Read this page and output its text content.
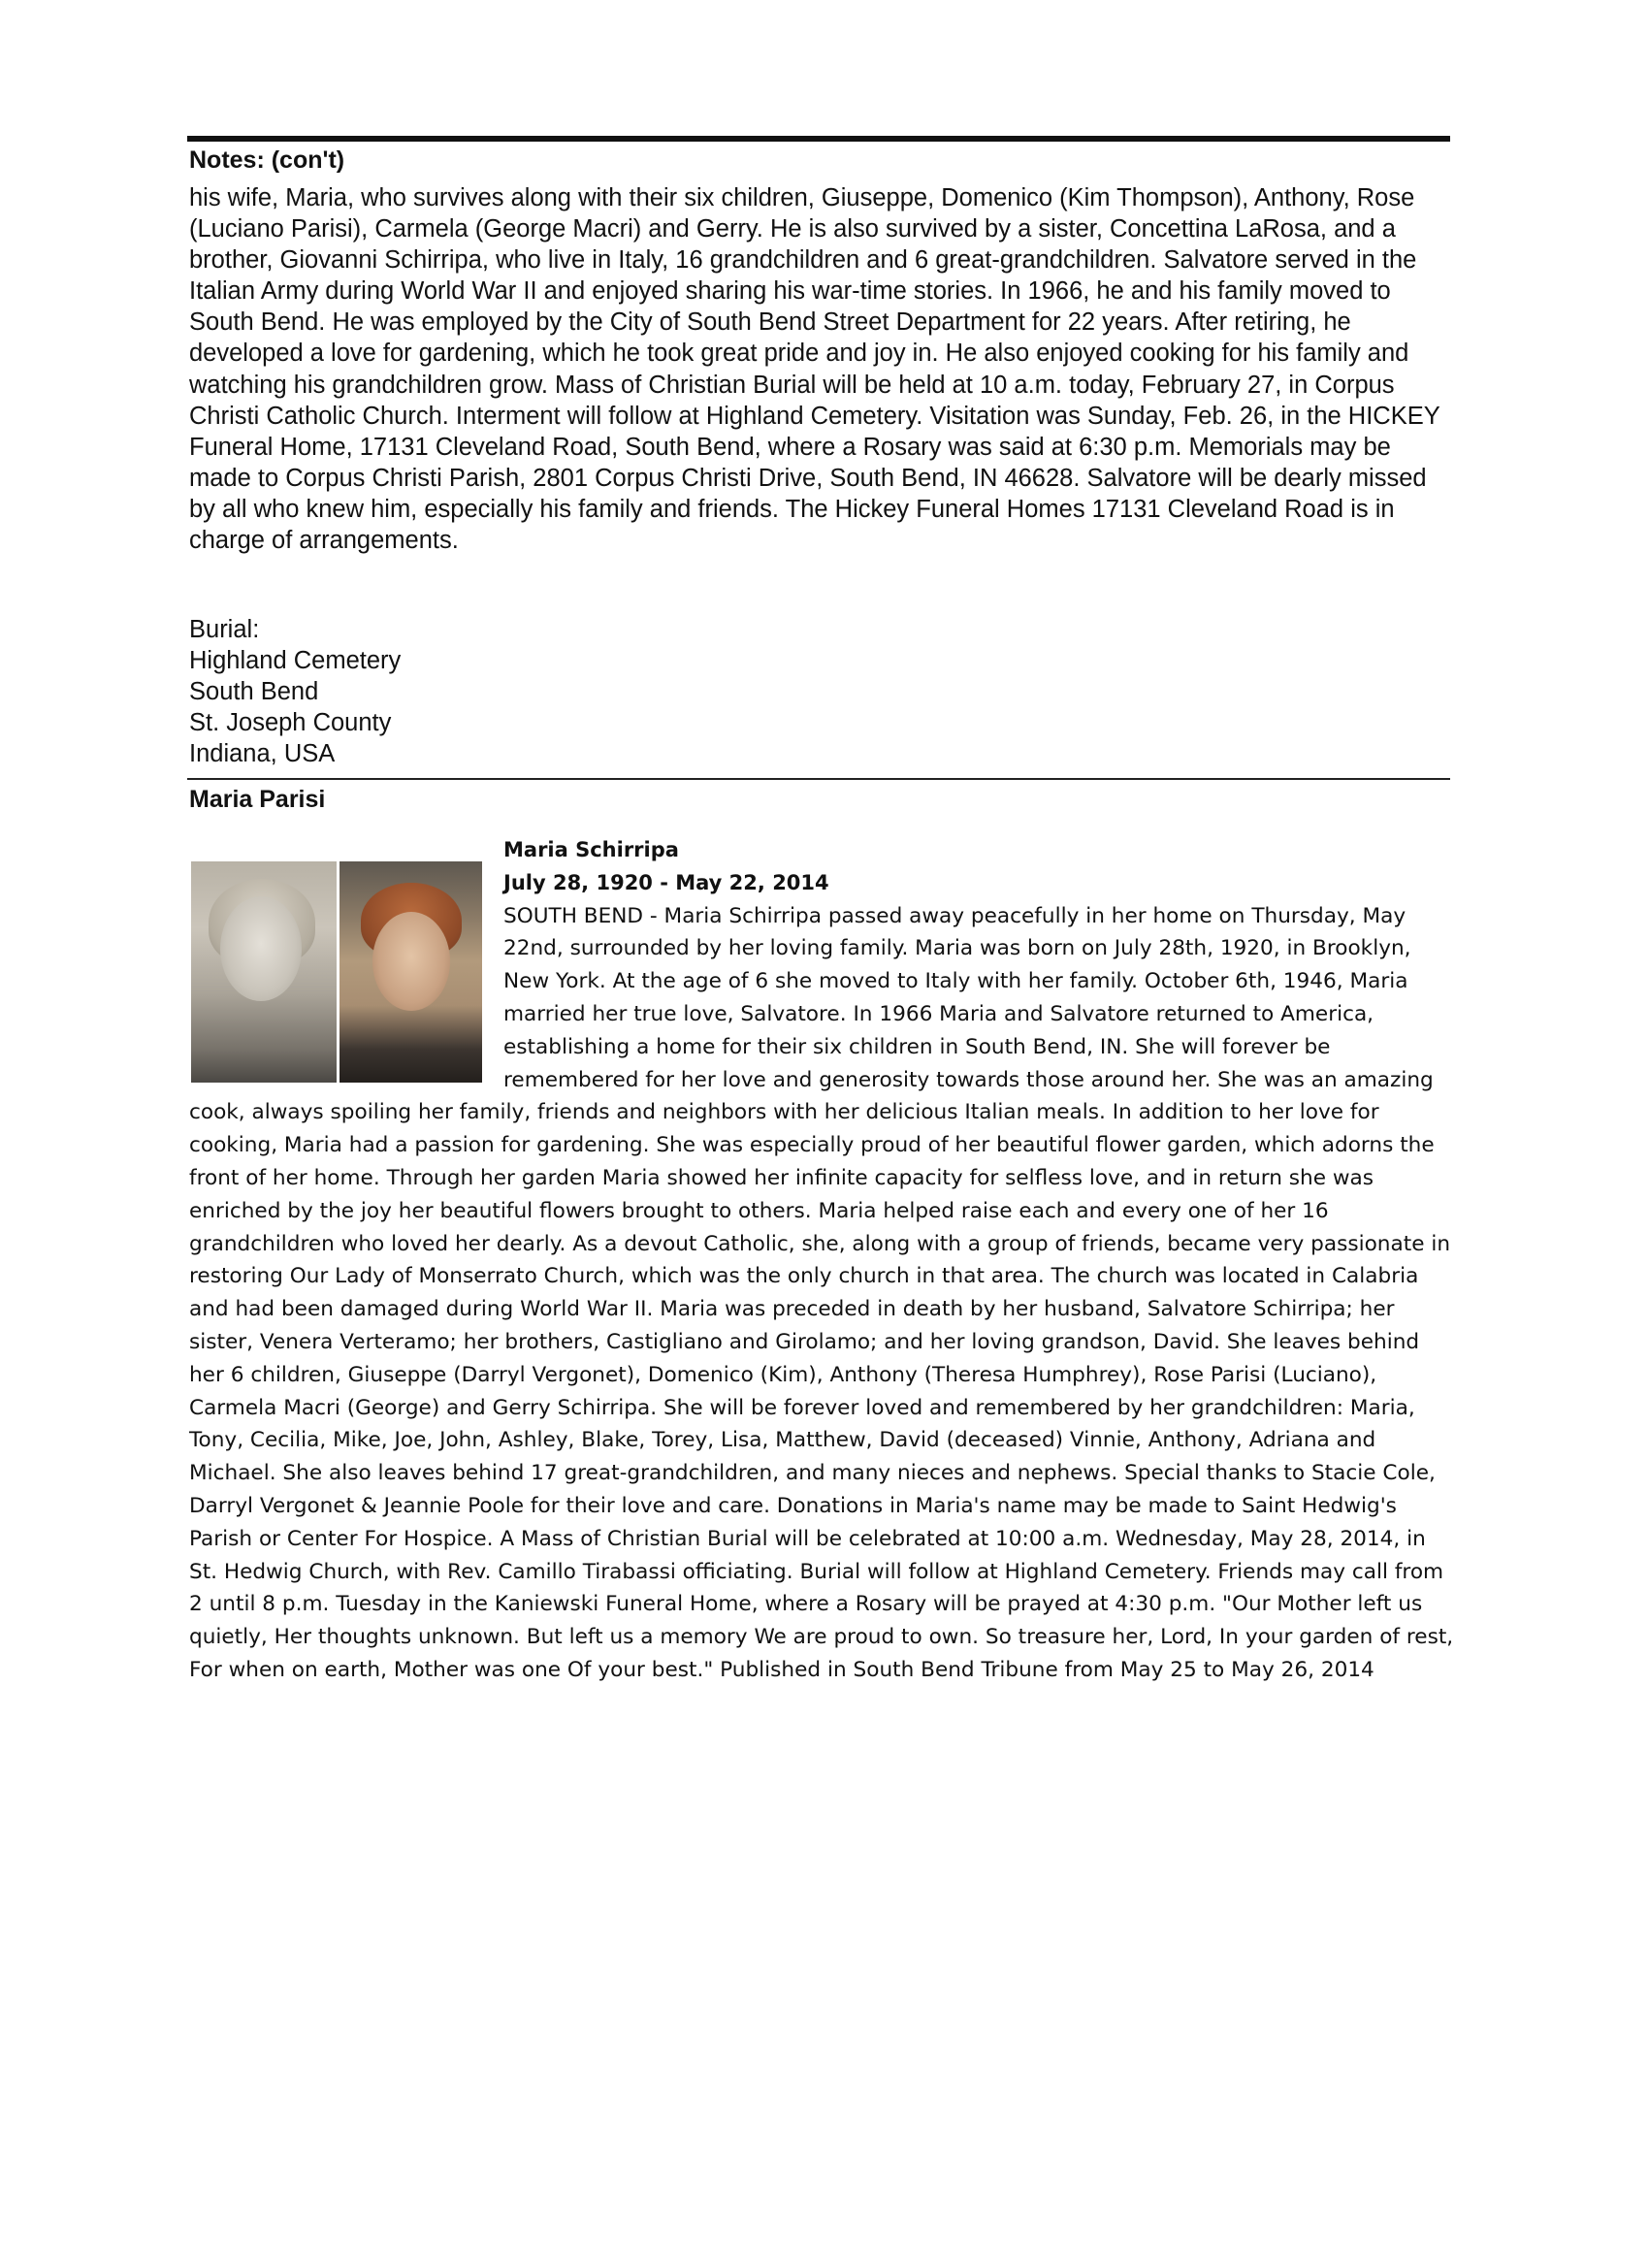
Notes: (con't)

his wife, Maria, who survives along with their six children, Giuseppe, Domenico (Kim Thompson), Anthony, Rose (Luciano Parisi), Carmela (George Macri) and Gerry. He is also survived by a sister, Concettina LaRosa, and a brother, Giovanni Schirripa, who live in Italy, 16 grandchildren and 6 great-grandchildren. Salvatore served in the Italian Army during World War II and enjoyed sharing his war-time stories. In 1966, he and his family moved to South Bend. He was employed by the City of South Bend Street Department for 22 years. After retiring, he developed a love for gardening, which he took great pride and joy in. He also enjoyed cooking for his family and watching his grandchildren grow. Mass of Christian Burial will be held at 10 a.m. today, February 27, in Corpus Christi Catholic Church. Interment will follow at Highland Cemetery. Visitation was Sunday, Feb. 26, in the HICKEY Funeral Home, 17131 Cleveland Road, South Bend, where a Rosary was said at 6:30 p.m. Memorials may be made to Corpus Christi Parish, 2801 Corpus Christi Drive, South Bend, IN 46628. Salvatore will be dearly missed by all who knew him, especially his family and friends. The Hickey Funeral Homes 17131 Cleveland Road is in charge of arrangements.

Burial:
Highland Cemetery
South Bend
St. Joseph County
Indiana, USA
Maria Parisi
Maria Schirripa
July 28, 1920 - May 22, 2014
SOUTH BEND - Maria Schirripa passed away peacefully in her home on Thursday, May 22nd, surrounded by her loving family. Maria was born on July 28th, 1920, in Brooklyn, New York. At the age of 6 she moved to Italy with her family. October 6th, 1946, Maria married her true love, Salvatore. In 1966 Maria and Salvatore returned to America, establishing a home for their six children in South Bend, IN. She will forever be remembered for her love and generosity towards those around her. She was an amazing cook, always spoiling her family, friends and neighbors with her delicious Italian meals. In addition to her love for cooking, Maria had a passion for gardening. She was especially proud of her beautiful flower garden, which adorns the front of her home. Through her garden Maria showed her infinite capacity for selfless love, and in return she was enriched by the joy her beautiful flowers brought to others. Maria helped raise each and every one of her 16 grandchildren who loved her dearly. As a devout Catholic, she, along with a group of friends, became very passionate in restoring Our Lady of Monserrato Church, which was the only church in that area. The church was located in Calabria and had been damaged during World War II. Maria was preceded in death by her husband, Salvatore Schirripa; her sister, Venera Verteramo; her brothers, Castigliano and Girolamo; and her loving grandson, David. She leaves behind her 6 children, Giuseppe (Darryl Vergonet), Domenico (Kim), Anthony (Theresa Humphrey), Rose Parisi (Luciano), Carmela Macri (George) and Gerry Schirripa. She will be forever loved and remembered by her grandchildren: Maria, Tony, Cecilia, Mike, Joe, John, Ashley, Blake, Torey, Lisa, Matthew, David (deceased) Vinnie, Anthony, Adriana and Michael. She also leaves behind 17 great-grandchildren, and many nieces and nephews. Special thanks to Stacie Cole, Darryl Vergonet & Jeannie Poole for their love and care. Donations in Maria's name may be made to Saint Hedwig's Parish or Center For Hospice. A Mass of Christian Burial will be celebrated at 10:00 a.m. Wednesday, May 28, 2014, in St. Hedwig Church, with Rev. Camillo Tirabassi officiating. Burial will follow at Highland Cemetery. Friends may call from 2 until 8 p.m. Tuesday in the Kaniewski Funeral Home, where a Rosary will be prayed at 4:30 p.m. "Our Mother left us quietly, Her thoughts unknown. But left us a memory We are proud to own. So treasure her, Lord, In your garden of rest, For when on earth, Mother was one Of your best." Published in South Bend Tribune from May 25 to May 26, 2014
